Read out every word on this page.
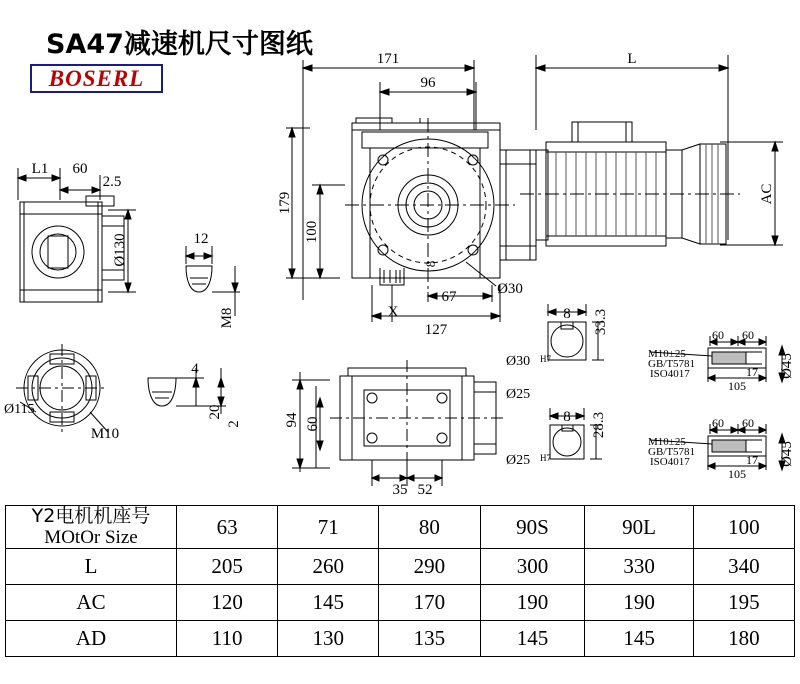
SA47减速机尺寸图纸
BOSERL
171
96
L
67
127
X
Ø30
L1 60
2.5
12
4
M10
35 52
8
8
179
100
AC
Ø130
M8
20
2	94 60
33.3
28.3
Ø45
Ø45
8
Ø115
Ø30 H7
Ø25
Ø25 H7
60 60
17
105
60 60
17
105
M10±25
GB/T5781
ISO4017
M10±25
GB/T5781
ISO4017
Y2电机机座号
MOtOr Size	63	71	80	90S	90L	100
L	205	260	290	300	330	340
AC	120	145	170	190	190	195
AD	110	130	135	145	145	180
